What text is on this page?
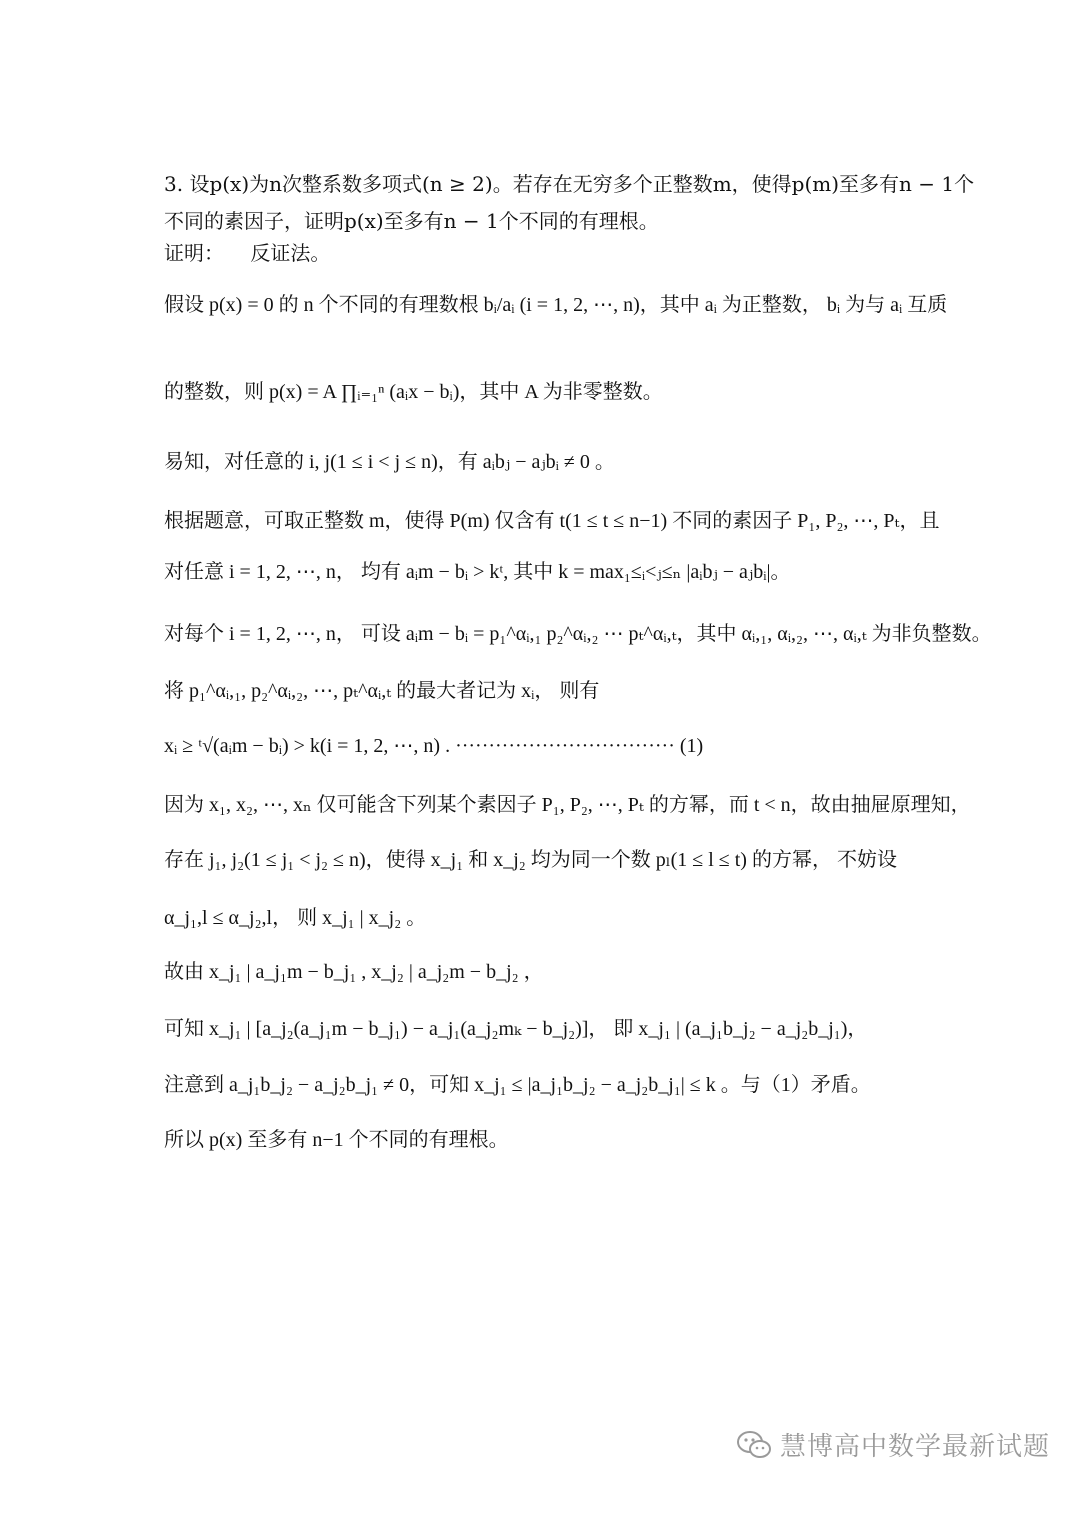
3. 设p(x)为n次整系数多项式(n ≥ 2)。若存在无穷多个正整数m，使得p(m)至多有n − 1个
不同的素因子，证明p(x)至多有n − 1个不同的有理根。
证明： 反证法。
假设 p(x) = 0 的 n 个不同的有理数根 bᵢ/aᵢ (i = 1, 2, ⋯, n)，其中 aᵢ 为正整数， bᵢ 为与 aᵢ 互质
的整数，则 p(x) = A ∏ᵢ₌₁ⁿ (aᵢx − bᵢ)，其中 A 为非零整数。
易知，对任意的 i, j(1 ≤ i < j ≤ n)，有 aᵢbⱼ − aⱼbᵢ ≠ 0 。
根据题意，可取正整数 m，使得 P(m) 仅含有 t(1 ≤ t ≤ n−1) 不同的素因子 P₁, P₂, ⋯, Pₜ，且
对任意 i = 1, 2, ⋯, n， 均有 aᵢm − bᵢ > kᵗ, 其中 k = max₁≤ᵢ<ⱼ≤ₙ |aᵢbⱼ − aⱼbᵢ|。
对每个 i = 1, 2, ⋯, n， 可设 aᵢm − bᵢ = p₁^αᵢ,₁ p₂^αᵢ,₂ ⋯ pₜ^αᵢ,ₜ，其中 αᵢ,₁, αᵢ,₂, ⋯, αᵢ,ₜ 为非负整数。
将 p₁^αᵢ,₁, p₂^αᵢ,₂, ⋯, pₜ^αᵢ,ₜ 的最大者记为 xᵢ， 则有
xᵢ ≥ ᵗ√(aᵢm − bᵢ) > k(i = 1, 2, ⋯, n) . ································· (1)
因为 x₁, x₂, ⋯, xₙ 仅可能含下列某个素因子 P₁, P₂, ⋯, Pₜ 的方幂，而 t < n，故由抽屉原理知，
存在 j₁, j₂(1 ≤ j₁ < j₂ ≤ n)，使得 x_j₁ 和 x_j₂ 均为同一个数 pₗ(1 ≤ l ≤ t) 的方幂， 不妨设
α_j₁,l ≤ α_j₂,l， 则 x_j₁ | x_j₂ 。
故由 x_j₁ | a_j₁m − b_j₁ , x_j₂ | a_j₂m − b_j₂ ，
可知 x_j₁ | [a_j₂(a_j₁m − b_j₁) − a_j₁(a_j₂mₖ − b_j₂)]， 即 x_j₁ | (a_j₁b_j₂ − a_j₂b_j₁)，
注意到 a_j₁b_j₂ − a_j₂b_j₁ ≠ 0，可知 x_j₁ ≤ |a_j₁b_j₂ − a_j₂b_j₁| ≤ k 。与（1）矛盾。
所以 p(x) 至多有 n−1 个不同的有理根。
慧博高中数学最新试题
